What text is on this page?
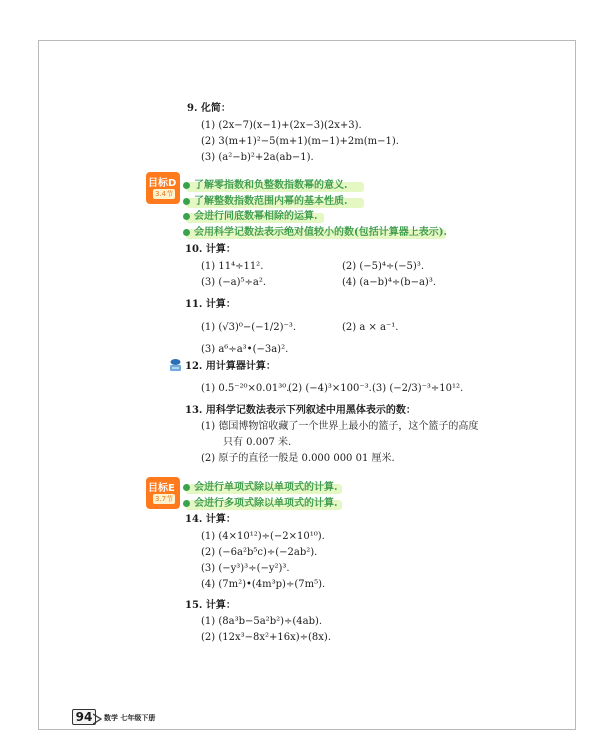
9. 化简：
(1) (2x−7)(x−1)+(2x−3)(2x+3).
(2) 3(m+1)²−5(m+1)(m−1)+2m(m−1).
(3) (a²−b)²+2a(ab−1).
目标D
3.4节
了解零指数和负整数指数幂的意义.
了解整数指数范围内幂的基本性质.
会进行同底数幂相除的运算.
会用科学记数法表示绝对值较小的数(包括计算器上表示).
10. 计算：
(1) 11⁴÷11².	(2) (−5)⁴÷(−5)³.
(3) (−a)⁵÷a².	(4) (a−b)⁴÷(b−a)³.
11. 计算：
(1) (√3)⁰−(−1/2)⁻³.	(2) a × a⁻¹.
(3) a⁶÷a³•(−3a)².
12. 用计算器计算：
(1) 0.5⁻²⁰×0.01³⁰.
(2) (−4)³×100⁻³. (3) (−2/3)⁻³÷10¹².
13. 用科学记数法表示下列叙述中用黑体表示的数：
(1) 德国博物馆收藏了一个世界上最小的篮子，这个篮子的高度
只有 0.007 米.
(2) 原子的直径一般是 0.000 000 01 厘米.
目标E
3.7节
会进行单项式除以单项式的计算.
会进行多项式除以单项式的计算.
14. 计算：
(1) (4×10¹²)÷(−2×10¹⁰).
(2) (−6a²b⁵c)÷(−2ab²).
(3) (−y³)³÷(−y²)³.
(4) (7m²)•(4m³p)÷(7m⁵).
15. 计算：
(1) (8a³b−5a²b²)÷(4ab).
(2) (12x³−8x²+16x)÷(8x).
94	数学 七年级下册
